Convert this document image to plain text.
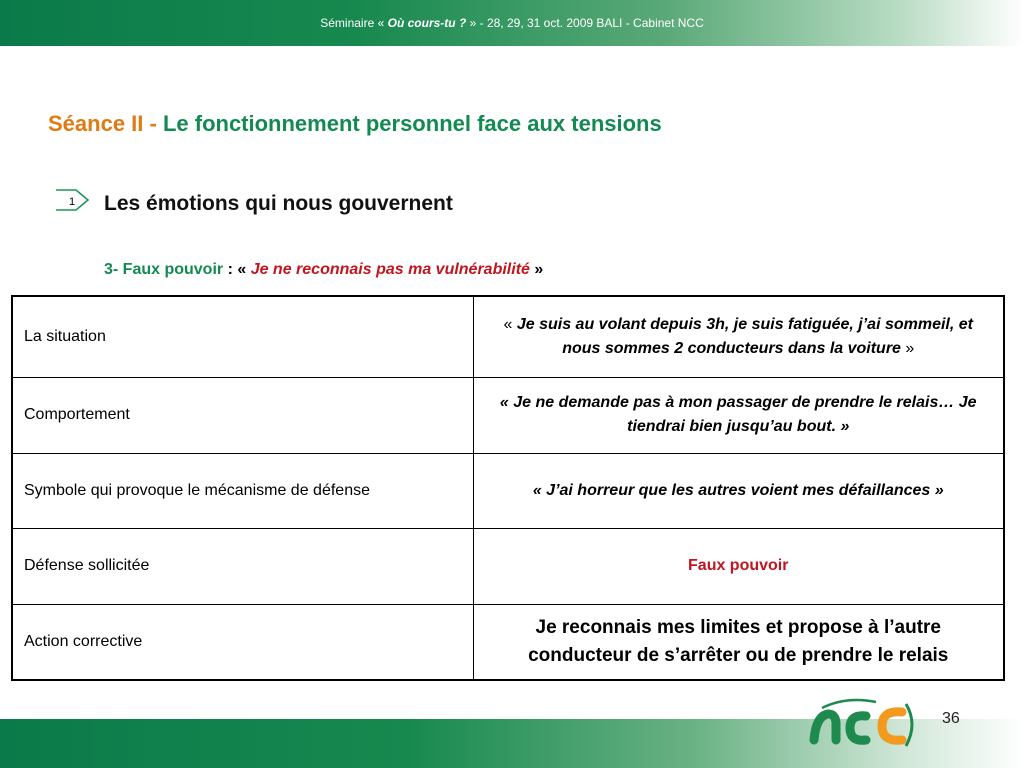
Séminaire « Où cours-tu ? » - 28, 29, 31 oct. 2009 BALI - Cabinet NCC
Séance II - Le fonctionnement personnel face aux tensions
1 Les émotions qui nous gouvernent
3- Faux pouvoir : « Je ne reconnais pas ma vulnérabilité »
La situation	« Je suis au volant depuis 3h, je suis fatiguée, j’ai sommeil, et nous sommes 2 conducteurs dans la voiture »
Comportement	« Je ne demande pas à mon passager de prendre le relais… Je tiendrai bien jusqu’au bout. »
Symbole qui provoque le mécanisme de défense	« J’ai horreur que les autres voient mes défaillances »
Défense sollicitée	Faux pouvoir
Action corrective	Je reconnais mes limites et propose à l’autre conducteur de s’arrêter ou de prendre le relais
36
